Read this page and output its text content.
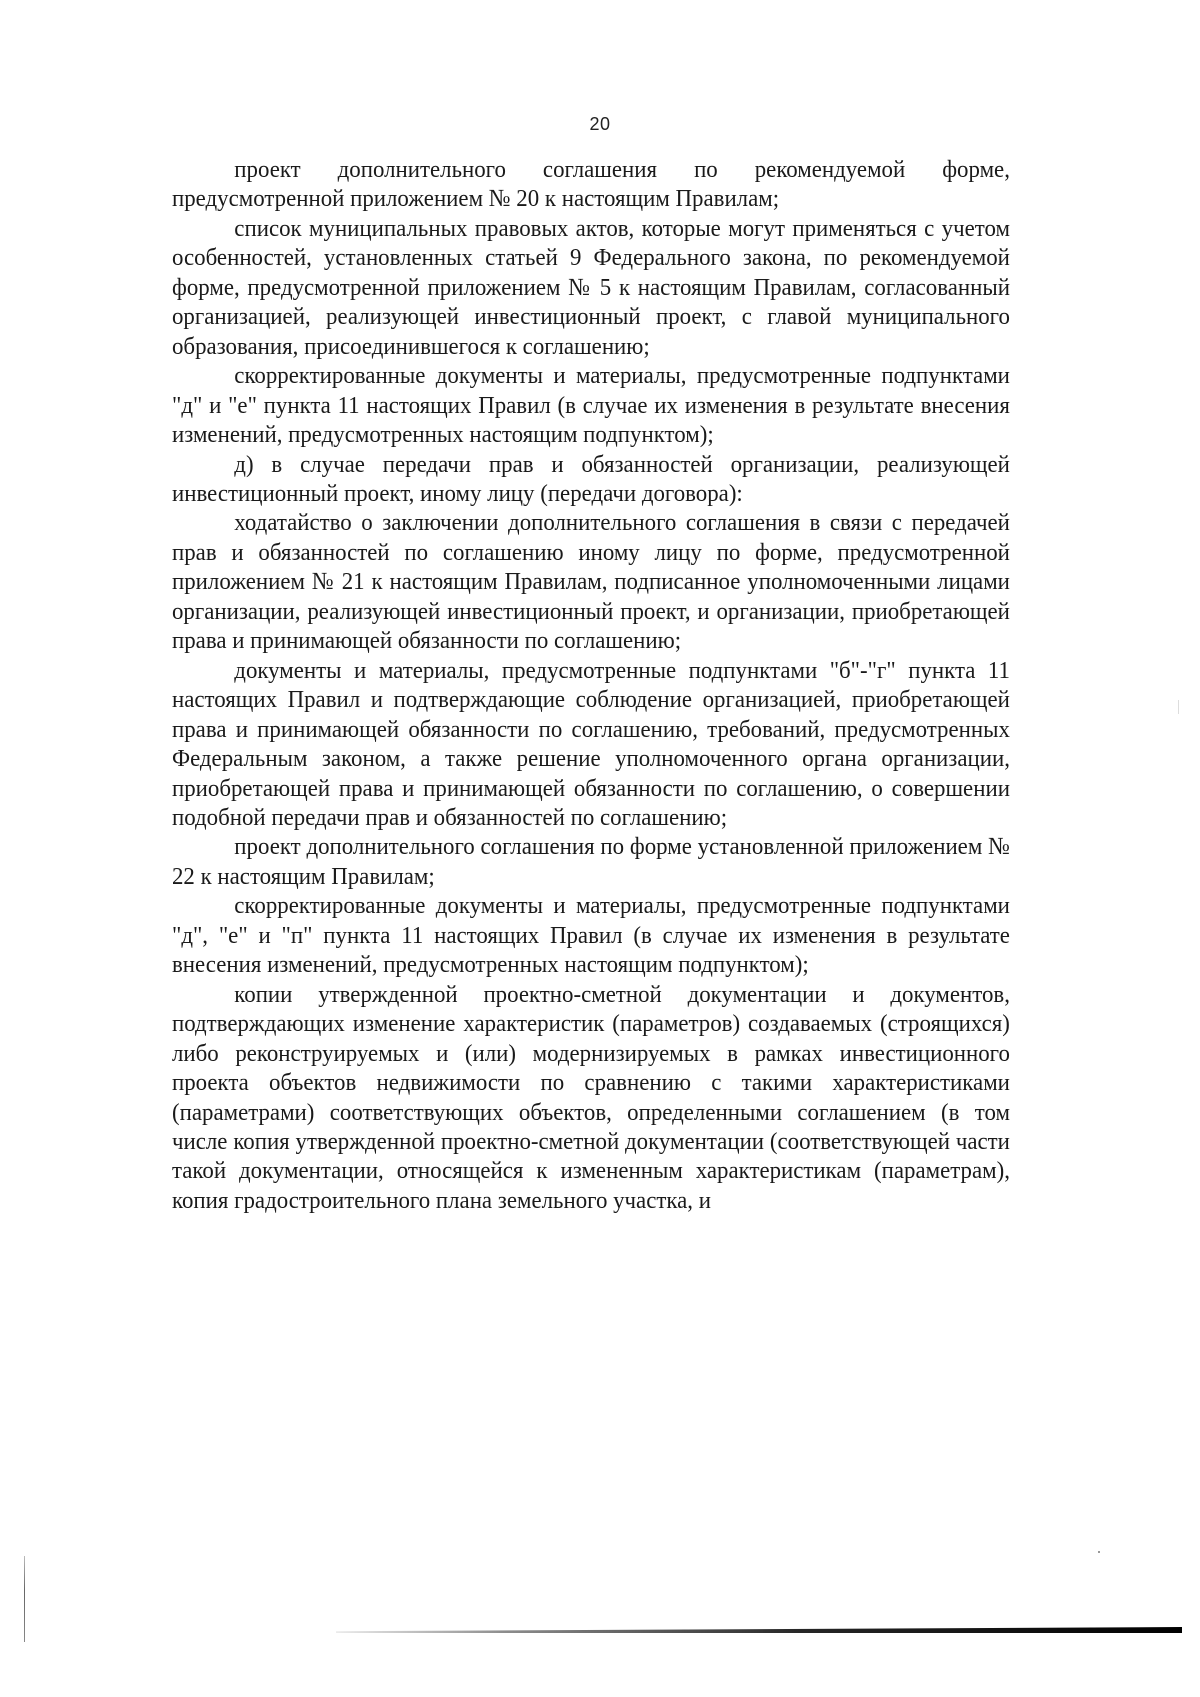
20

проект дополнительного соглашения по рекомендуемой форме, предусмотренной приложением № 20 к настоящим Правилам;

список муниципальных правовых актов, которые могут применяться с учетом особенностей, установленных статьей 9 Федерального закона, по рекомендуемой форме, предусмотренной приложением № 5 к настоящим Правилам, согласованный организацией, реализующей инвестиционный проект, с главой муниципального образования, присоединившегося к соглашению;

скорректированные документы и материалы, предусмотренные подпунктами "д" и "е" пункта 11 настоящих Правил (в случае их изменения в результате внесения изменений, предусмотренных настоящим подпунктом);

д) в случае передачи прав и обязанностей организации, реализующей инвестиционный проект, иному лицу (передачи договора):

ходатайство о заключении дополнительного соглашения в связи с передачей прав и обязанностей по соглашению иному лицу по форме, предусмотренной приложением № 21 к настоящим Правилам, подписанное уполномоченными лицами организации, реализующей инвестиционный проект, и организации, приобретающей права и принимающей обязанности по соглашению;

документы и материалы, предусмотренные подпунктами "б"-"г" пункта 11 настоящих Правил и подтверждающие соблюдение организацией, приобретающей права и принимающей обязанности по соглашению, требований, предусмотренных Федеральным законом, а также решение уполномоченного органа организации, приобретающей права и принимающей обязанности по соглашению, о совершении подобной передачи прав и обязанностей по соглашению;

проект дополнительного соглашения по форме установленной приложением № 22 к настоящим Правилам;

скорректированные документы и материалы, предусмотренные подпунктами "д", "е" и "п" пункта 11 настоящих Правил (в случае их изменения в результате внесения изменений, предусмотренных настоящим подпунктом);

копии утвержденной проектно-сметной документации и документов, подтверждающих изменение характеристик (параметров) создаваемых (строящихся) либо реконструируемых и (или) модернизируемых в рамках инвестиционного проекта объектов недвижимости по сравнению с такими характеристиками (параметрами) соответствующих объектов, определенными соглашением (в том числе копия утвержденной проектно-сметной документации (соответствующей части такой документации, относящейся к измененным характеристикам (параметрам), копия градостроительного плана земельного участка, и
